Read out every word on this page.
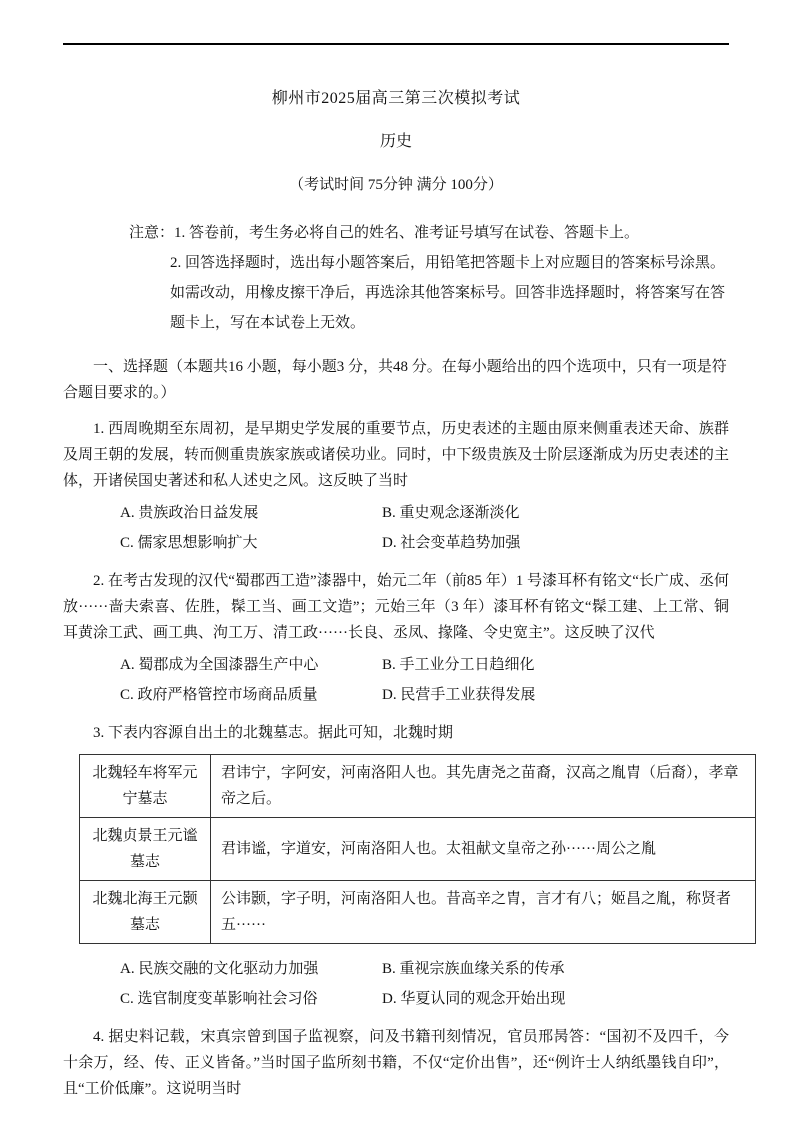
柳州市2025届高三第三次模拟考试
历史
（考试时间 75分钟 满分 100分）

注意：1. 答卷前，考生务必将自己的姓名、准考证号填写在试卷、答题卡上。

2. 回答选择题时，选出每小题答案后，用铅笔把答题卡上对应题目的答案标号涂黑。如需改动，用橡皮擦干净后，再选涂其他答案标号。回答非选择题时，将答案写在答题卡上，写在本试卷上无效。

一、选择题（本题共16 小题，每小题3 分，共48 分。在每小题给出的四个选项中，只有一项是符合题目要求的。）

1. 西周晚期至东周初，是早期史学发展的重要节点，历史表述的主题由原来侧重表述天命、族群及周王朝的发展，转而侧重贵族家族或诸侯功业。同时，中下级贵族及士阶层逐渐成为历史表述的主体，开诸侯国史著述和私人述史之风。这反映了当时

A. 贵族政治日益发展	B. 重史观念逐渐淡化
C. 儒家思想影响扩大	D. 社会变革趋势加强

2. 在考古发现的汉代“蜀郡西工造”漆器中，始元二年（前85 年）1 号漆耳杯有铭文“长广成、丞何放······啬夫索喜、佐胜，髹工当、画工文造”；元始三年（3 年）漆耳杯有铭文“髹工建、上工常、铜耳黄涂工武、画工典、泃工万、清工政······长良、丞凤、掾隆、令史宽主”。这反映了汉代

A. 蜀郡成为全国漆器生产中心	B. 手工业分工日趋细化
C. 政府严格管控市场商品质量	D. 民营手工业获得发展

3. 下表内容源自出土的北魏墓志。据此可知，北魏时期

北魏轻车将军元宁墓志	君讳宁，字阿安，河南洛阳人也。其先唐尧之苗裔，汉高之胤胄（后裔），孝章帝之后。
北魏贞景王元谧墓志	君讳谧，字道安，河南洛阳人也。太祖献文皇帝之孙······周公之胤
北魏北海王元颢墓志	公讳颢，字子明，河南洛阳人也。昔高辛之胄，言才有八；姬昌之胤，称贤者五······
A. 民族交融的文化驱动力加强	B. 重视宗族血缘关系的传承
C. 选官制度变革影响社会习俗	D. 华夏认同的观念开始出现

4. 据史料记载，宋真宗曾到国子监视察，问及书籍刊刻情况，官员邢昺答：“国初不及四千，今十余万，经、传、正义皆备。”当时国子监所刻书籍，不仅“定价出售”，还“例许士人纳纸墨钱自印”，且“工价低廉”。这说明当时
